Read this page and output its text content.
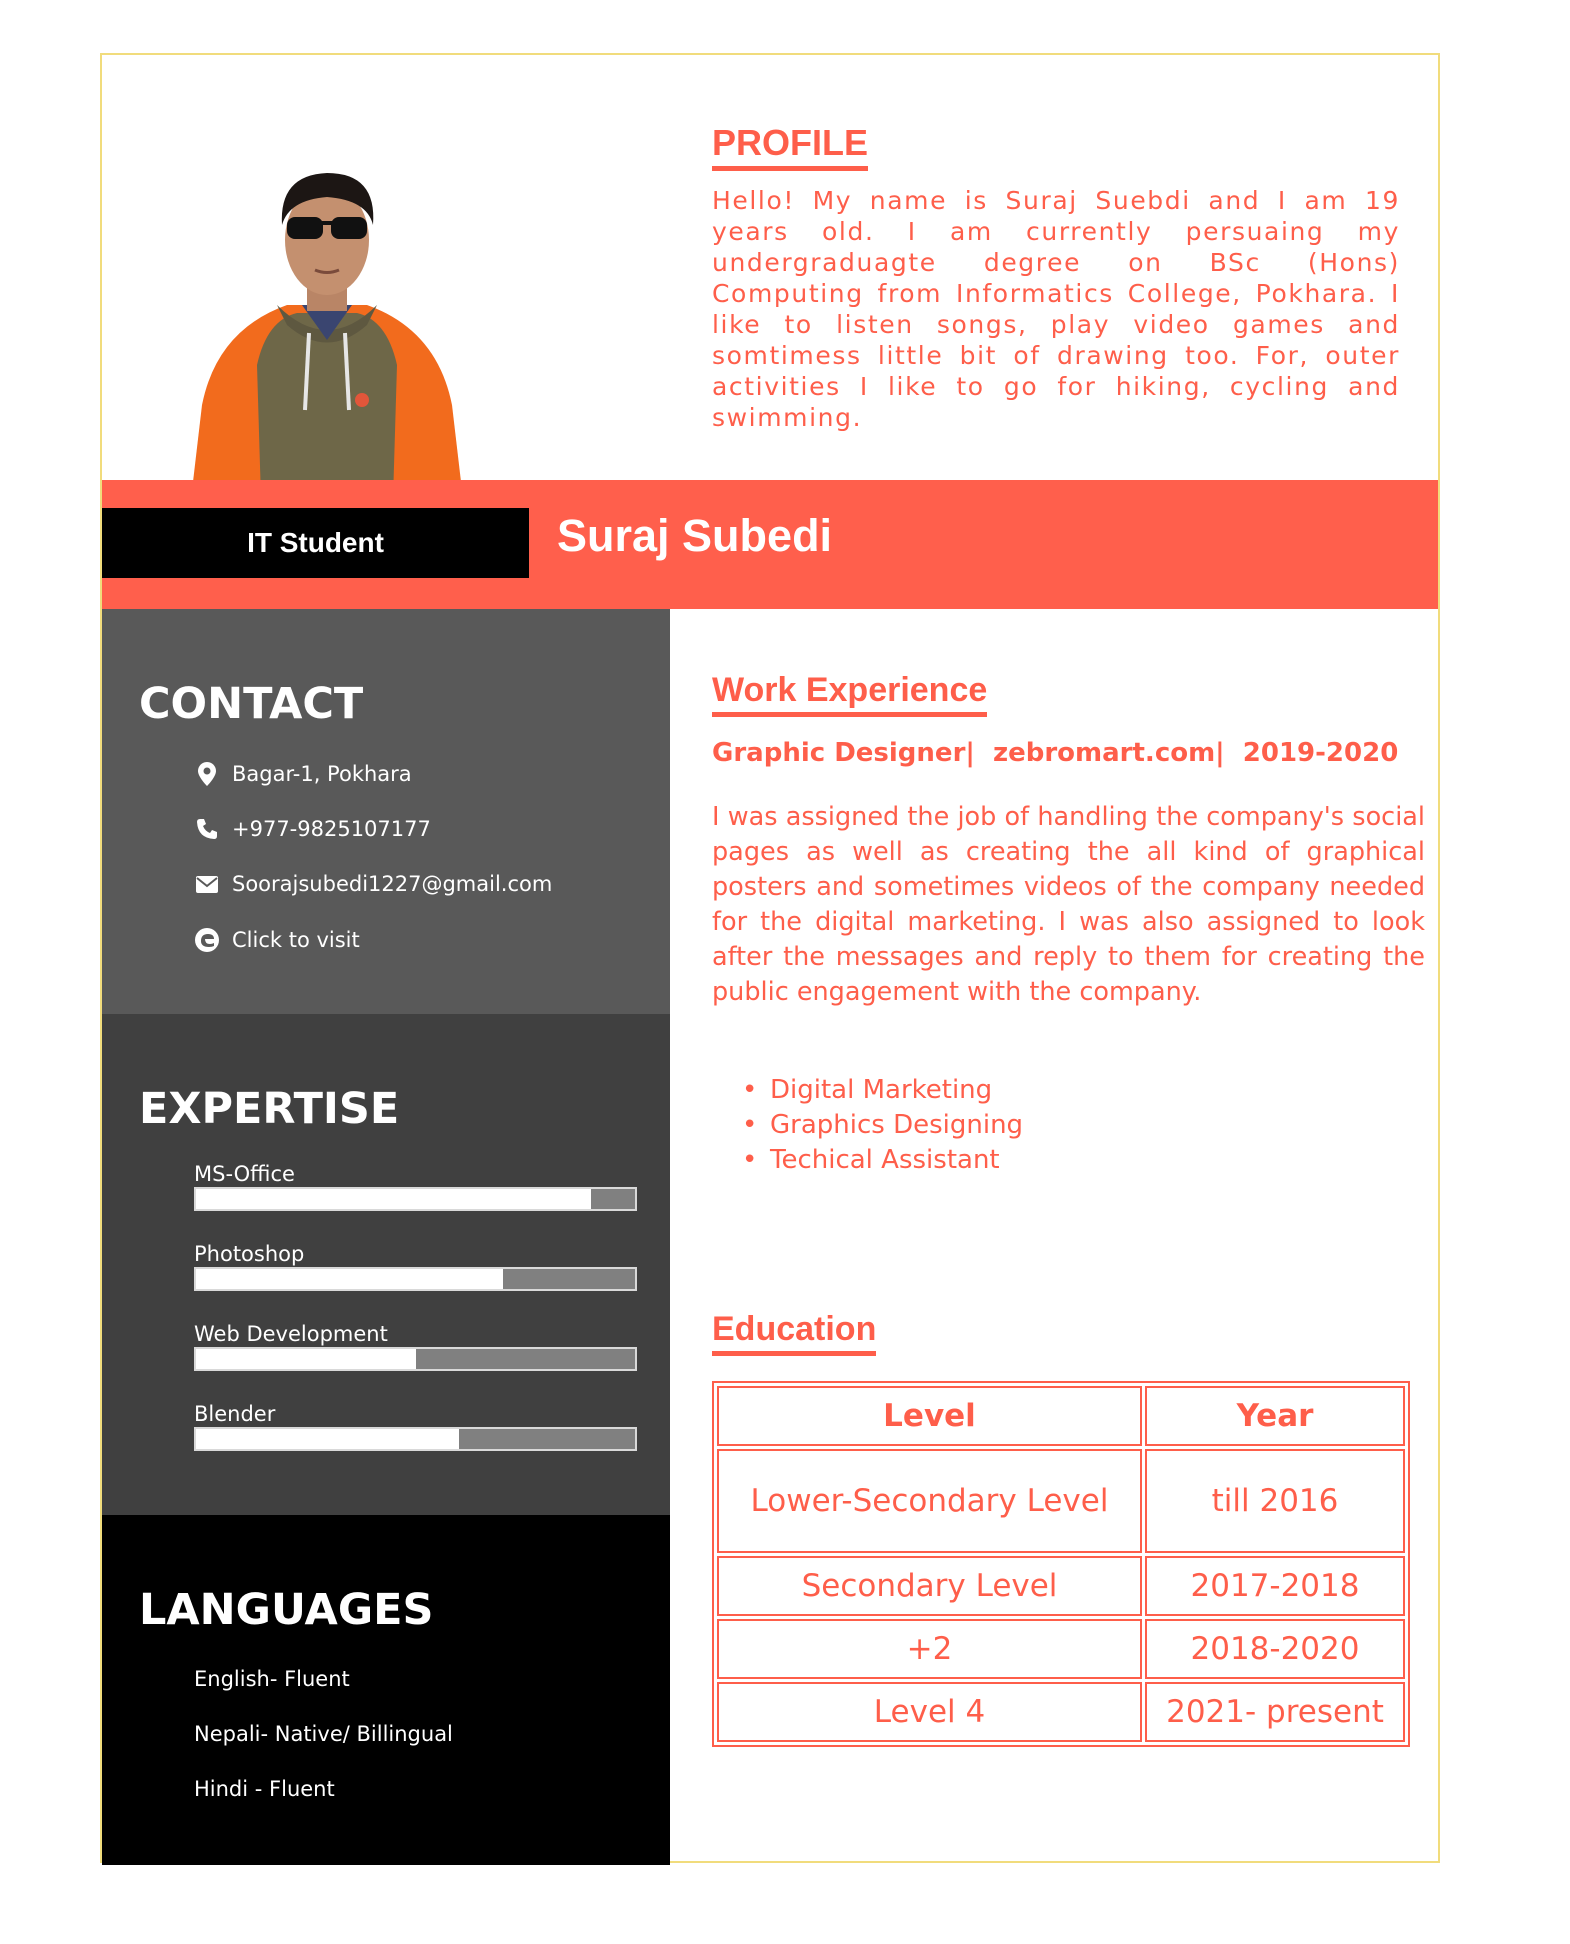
PROFILE

Hello! My name is Suraj Suebdi and I am 19 years old. I am currently persuaing my undergraduagte degree on BSc (Hons) Computing from Informatics College, Pokhara. I like to listen songs, play video games and somtimess little bit of drawing too. For, outer activities I like to go for hiking, cycling and swimming.

IT Student	Suraj Subedi
CONTACT
Bagar-1, Pokhara
+977-9825107177
Soorajsubedi1227@gmail.com
Click to visit
EXPERTISE
MS-Office
Photoshop
Web Development
Blender
LANGUAGES
English- Fluent
Nepali- Native/ Billingual
Hindi - Fluent
Work Experience
Graphic Designer|  zebromart.com|  2019-2020

I was assigned the job of handling the company's social pages as well as creating the all kind of graphical posters and sometimes videos of the company needed for the digital marketing. I was also assigned to look after the messages and reply to them for creating the public engagement with the company.

• Digital Marketing
• Graphics Designing
• Techical Assistant
Education
Level	Year
Lower-Secondary Level	till 2016
Secondary Level	2017-2018
+2	2018-2020
Level 4	2021- present
